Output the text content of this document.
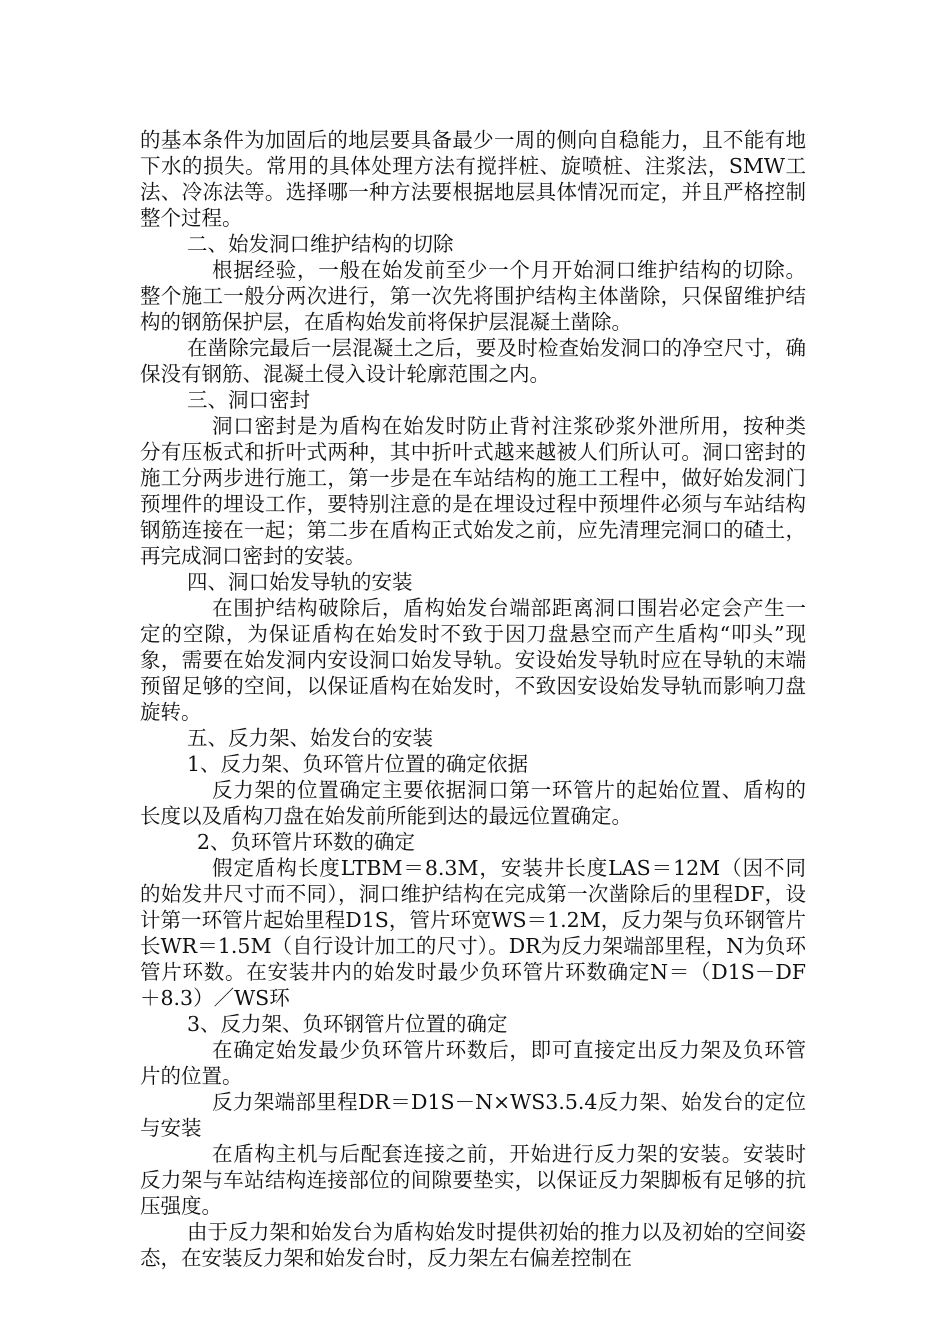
的基本条件为加固后的地层要具备最少一周的侧向自稳能力，且不能有地下水的损失。常用的具体处理方法有搅拌桩、旋喷桩、注浆法，SMW工法、冷冻法等。选择哪一种方法要根据地层具体情况而定，并且严格控制整个过程。

二、始发洞口维护结构的切除

根据经验，一般在始发前至少一个月开始洞口维护结构的切除。整个施工一般分两次进行，第一次先将围护结构主体凿除，只保留维护结构的钢筋保护层，在盾构始发前将保护层混凝土凿除。

在凿除完最后一层混凝土之后，要及时检查始发洞口的净空尺寸，确保没有钢筋、混凝土侵入设计轮廓范围之内。

三、洞口密封

洞口密封是为盾构在始发时防止背衬注浆砂浆外泄所用，按种类分有压板式和折叶式两种，其中折叶式越来越被人们所认可。洞口密封的施工分两步进行施工，第一步是在车站结构的施工工程中，做好始发洞门预埋件的埋设工作，要特别注意的是在埋设过程中预埋件必须与车站结构钢筋连接在一起；第二步在盾构正式始发之前，应先清理完洞口的碴土，再完成洞口密封的安装。

四、洞口始发导轨的安装

在围护结构破除后，盾构始发台端部距离洞口围岩必定会产生一定的空隙，为保证盾构在始发时不致于因刀盘悬空而产生盾构“叩头”现象，需要在始发洞内安设洞口始发导轨。安设始发导轨时应在导轨的末端预留足够的空间，以保证盾构在始发时，不致因安设始发导轨而影响刀盘旋转。

五、反力架、始发台的安装

1、反力架、负环管片位置的确定依据

反力架的位置确定主要依据洞口第一环管片的起始位置、盾构的长度以及盾构刀盘在始发前所能到达的最远位置确定。

2、负环管片环数的确定

假定盾构长度LTBM＝8.3M，安装井长度LAS＝12M（因不同的始发井尺寸而不同），洞口维护结构在完成第一次凿除后的里程DF，设计第一环管片起始里程D1S，管片环宽WS＝1.2M，反力架与负环钢管片长WR＝1.5M（自行设计加工的尺寸）。DR为反力架端部里程，N为负环管片环数。在安装井内的始发时最少负环管片环数确定N＝（D1S－DF＋8.3）／WS环

3、反力架、负环钢管片位置的确定

在确定始发最少负环管片环数后，即可直接定出反力架及负环管片的位置。

反力架端部里程DR＝D1S－N×WS3.5.4反力架、始发台的定位与安装

在盾构主机与后配套连接之前，开始进行反力架的安装。安装时反力架与车站结构连接部位的间隙要垫实，以保证反力架脚板有足够的抗压强度。

由于反力架和始发台为盾构始发时提供初始的推力以及初始的空间姿态，在安装反力架和始发台时，反力架左右偏差控制在
